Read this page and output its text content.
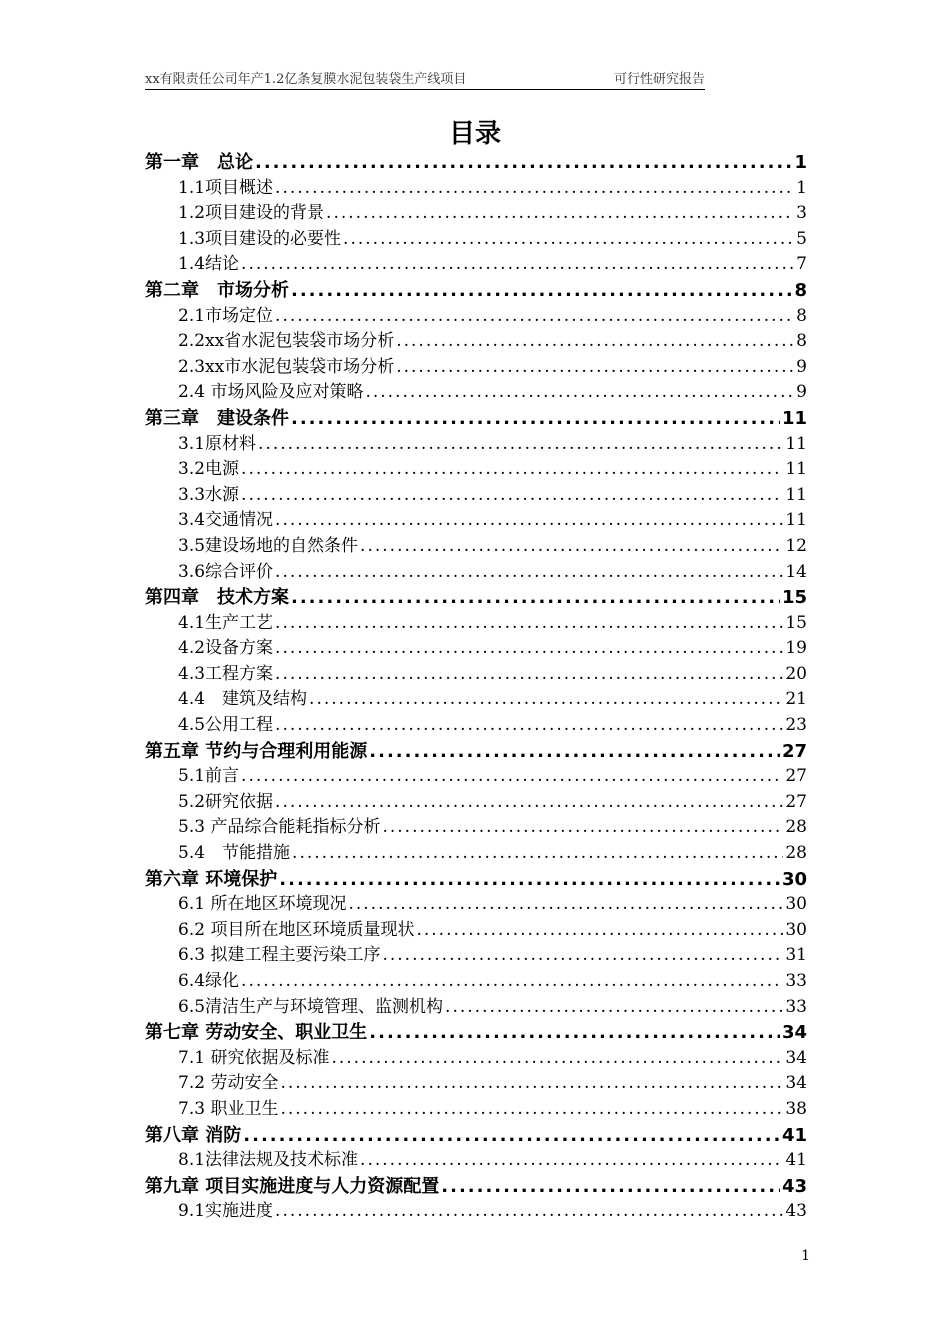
xx有限责任公司年产1.2亿条复膜水泥包装袋生产线项目	可行性研究报告
目录
第一章　总论 .....	1
1.1项目概述 .....	1
1.2项目建设的背景 .....	3
1.3项目建设的必要性 .....	5
1.4结论 .....	7
第二章　市场分析 .....	8
2.1市场定位 .....	8
2.2xx省水泥包装袋市场分析 .....	8
2.3xx市水泥包装袋市场分析 .....	9
2.4 市场风险及应对策略 .....	9
第三章　建设条件 .....	11
3.1原材料 .....	11
3.2电源 .....	11
3.3水源 .....	11
3.4交通情况 .....	11
3.5建设场地的自然条件 .....	12
3.6综合评价 .....	14
第四章　技术方案 .....	15
4.1生产工艺 .....	15
4.2设备方案 .....	19
4.3工程方案 .....	20
4.4　建筑及结构 .....	21
4.5公用工程 .....	23
第五章 节约与合理利用能源 .....	27
5.1前言 .....	27
5.2研究依据 .....	27
5.3 产品综合能耗指标分析 .....	28
5.4　节能措施 .....	28
第六章 环境保护 .....	30
6.1 所在地区环境现况 .....	30
6.2 项目所在地区环境质量现状 .....	30
6.3 拟建工程主要污染工序 .....	31
6.4绿化 .....	33
6.5清洁生产与环境管理、监测机构 .....	33
第七章 劳动安全、职业卫生 .....	34
7.1 研究依据及标准 .....	34
7.2 劳动安全 .....	34
7.3 职业卫生 .....	38
第八章 消防 .....	41
8.1法律法规及技术标准 .....	41
第九章 项目实施进度与人力资源配置 .....	43
9.1实施进度 .....	43
1
